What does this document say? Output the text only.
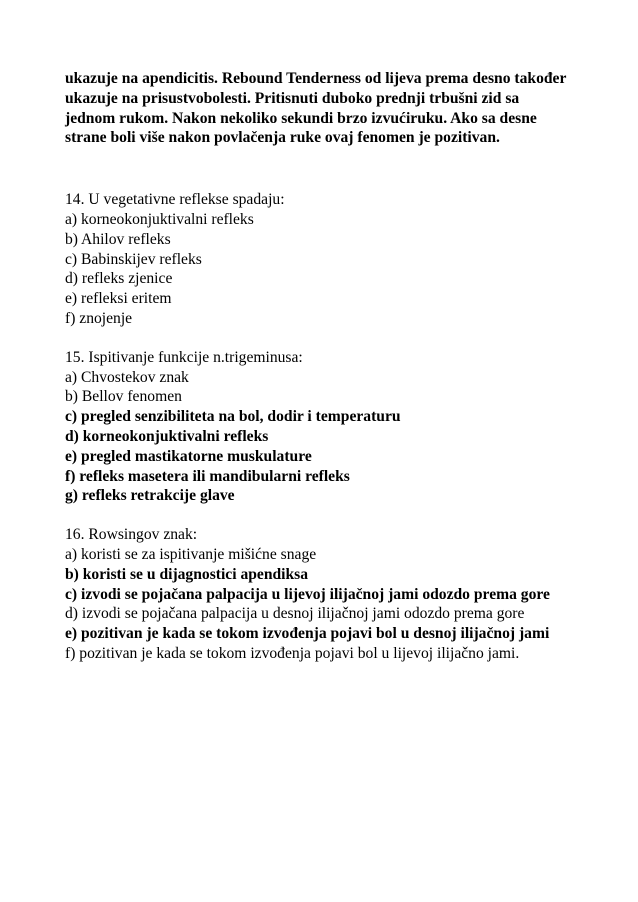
ukazuje na apendicitis. Rebound Tenderness od lijeva prema desno također
ukazuje na prisustvobolesti. Pritisnuti duboko prednji trbušni zid sa
jednom rukom. Nakon nekoliko sekundi brzo izvućiruku. Ako sa desne
strane boli više nakon povlačenja ruke ovaj fenomen je pozitivan.
14. U vegetativne reflekse spadaju:
a) korneokonjuktivalni refleks
b) Ahilov refleks
c) Babinskijev refleks
d) refleks zjenice
e) refleksi eritem
f) znojenje
15. Ispitivanje funkcije n.trigeminusa:
a) Chvostekov znak
b) Bellov fenomen
c) pregled senzibiliteta na bol, dodir i temperaturu
d) korneokonjuktivalni refleks
e) pregled mastikatorne muskulature
f) refleks masetera ili mandibularni refleks
g) refleks retrakcije glave
16. Rowsingov znak:
a) koristi se za ispitivanje mišićne snage
b) koristi se u dijagnostici apendiksa
c) izvodi se pojačana palpacija u lijevoj ilijačnoj jami odozdo prema gore
d) izvodi se pojačana palpacija u desnoj ilijačnoj jami odozdo prema gore
e) pozitivan je kada se tokom izvođenja pojavi bol u desnoj ilijačnoj jami
f) pozitivan je kada se tokom izvođenja pojavi bol u lijevoj ilijačno jami.
